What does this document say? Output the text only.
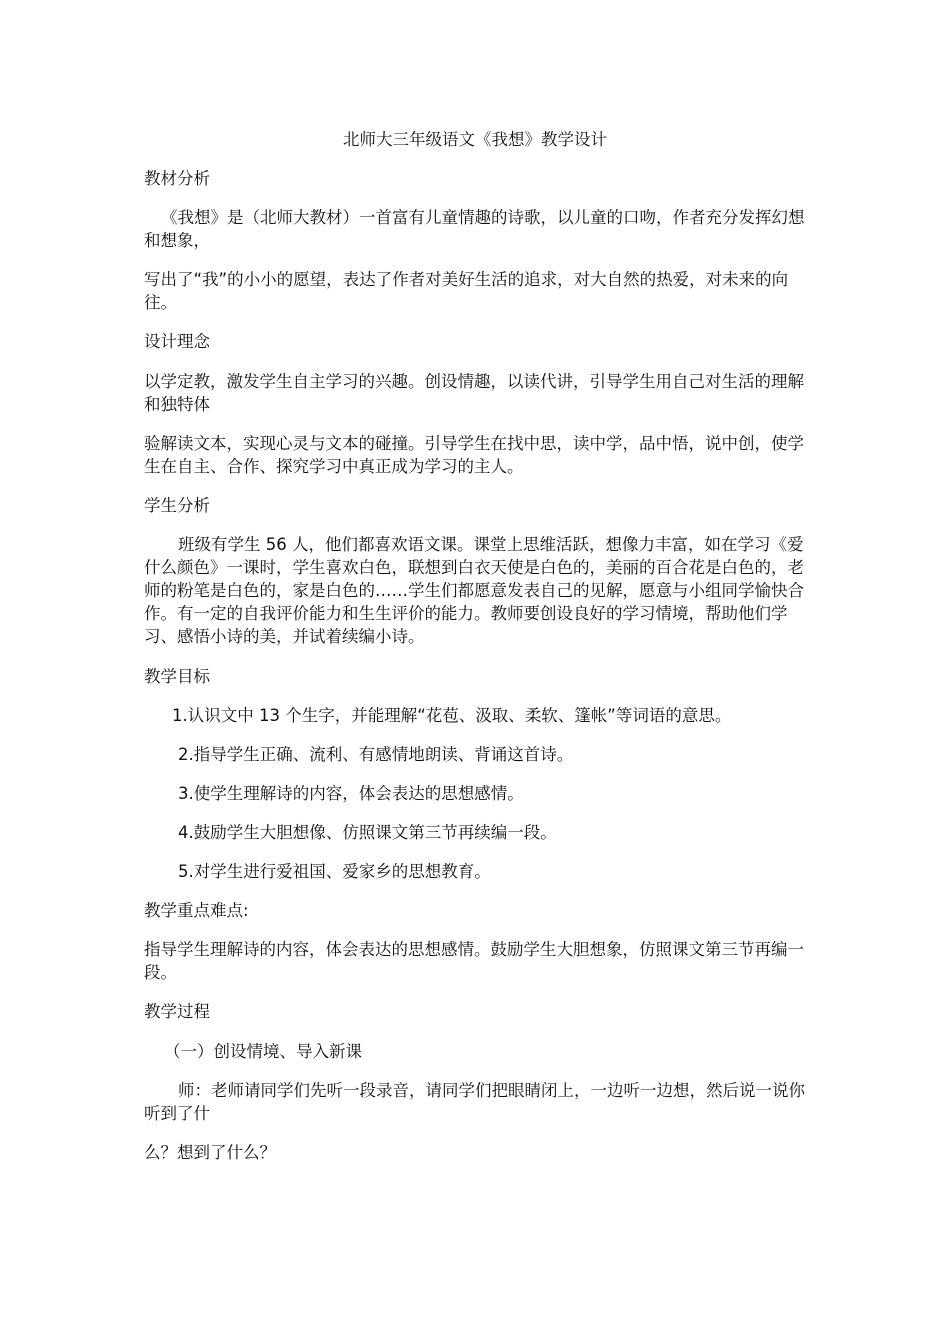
北师大三年级语文《我想》教学设计

教材分析

《我想》是（北师大教材）一首富有儿童情趣的诗歌，以儿童的口吻，作者充分发挥幻想和想象，

写出了“我”的小小的愿望，表达了作者对美好生活的追求，对大自然的热爱，对未来的向往。

设计理念

以学定教，激发学生自主学习的兴趣。创设情趣，以读代讲，引导学生用自己对生活的理解和独特体

验解读文本，实现心灵与文本的碰撞。引导学生在找中思，读中学，品中悟，说中创，使学生在自主、合作、探究学习中真正成为学习的主人。

学生分析

班级有学生 56 人，他们都喜欢语文课。课堂上思维活跃，想像力丰富，如在学习《爱什么颜色》一课时，学生喜欢白色，联想到白衣天使是白色的，美丽的百合花是白色的，老师的粉笔是白色的，家是白色的……学生们都愿意发表自己的见解，愿意与小组同学愉快合作。有一定的自我评价能力和生生评价的能力。教师要创设良好的学习情境，帮助他们学习、感悟小诗的美，并试着续编小诗。

教学目标

1.认识文中 13 个生字，并能理解“花苞、汲取、柔软、篷帐”等词语的意思。

2.指导学生正确、流利、有感情地朗读、背诵这首诗。

3.使学生理解诗的内容，体会表达的思想感情。

4.鼓励学生大胆想像、仿照课文第三节再续编一段。

5.对学生进行爱祖国、爱家乡的思想教育。

教学重点难点:

指导学生理解诗的内容，体会表达的思想感情。鼓励学生大胆想象，仿照课文第三节再编一段。

教学过程

（一）创设情境、导入新课

师：老师请同学们先听一段录音，请同学们把眼睛闭上，一边听一边想，然后说一说你听到了什

么？想到了什么？
